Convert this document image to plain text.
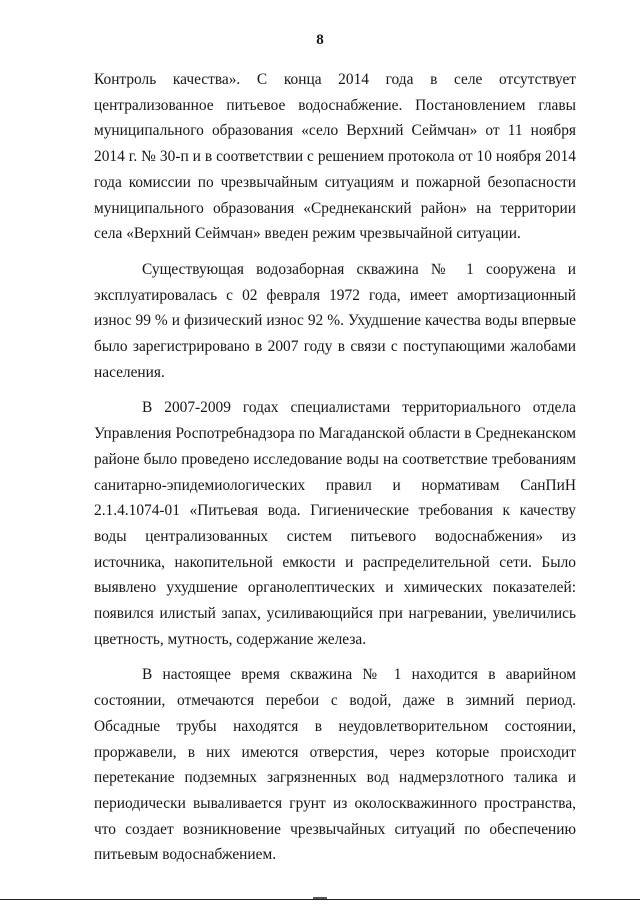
8

Контроль качества». С конца 2014 года в селе отсутствует централизованное питьевое водоснабжение. Постановлением главы муниципального образования «село Верхний Сеймчан» от 11 ноября 2014 г. № 30-п и в соответствии с решением протокола от 10 ноября 2014 года комиссии по чрезвычайным ситуациям и пожарной безопасности муниципального образования «Среднеканский район» на территории села «Верхний Сеймчан» введен режим чрезвычайной ситуации.

Существующая водозаборная скважина № 1 сооружена и эксплуатировалась с 02 февраля 1972 года, имеет амортизационный износ 99 % и физический износ 92 %. Ухудшение качества воды впервые было зарегистрировано в 2007 году в связи с поступающими жалобами населения.

В 2007-2009 годах специалистами территориального отдела Управления Роспотребнадзора по Магаданской области в Среднеканском районе было проведено исследование воды на соответствие требованиям санитарно-эпидемиологических правил и нормативам СанПиН 2.1.4.1074-01 «Питьевая вода. Гигиенические требования к качеству воды централизованных систем питьевого водоснабжения» из источника, накопительной емкости и распределительной сети. Было выявлено ухудшение органолептических и химических показателей: появился илистый запах, усиливающийся при нагревании, увеличились цветность, мутность, содержание железа.

В настоящее время скважина № 1 находится в аварийном состоянии, отмечаются перебои с водой, даже в зимний период. Обсадные трубы находятся в неудовлетворительном состоянии, проржавели, в них имеются отверстия, через которые происходит перетекание подземных загрязненных вод надмерзлотного талика и периодически вываливается грунт из околоскважинного пространства, что создает возникновение чрезвычайных ситуаций по обеспечению питьевым водоснабжением.
